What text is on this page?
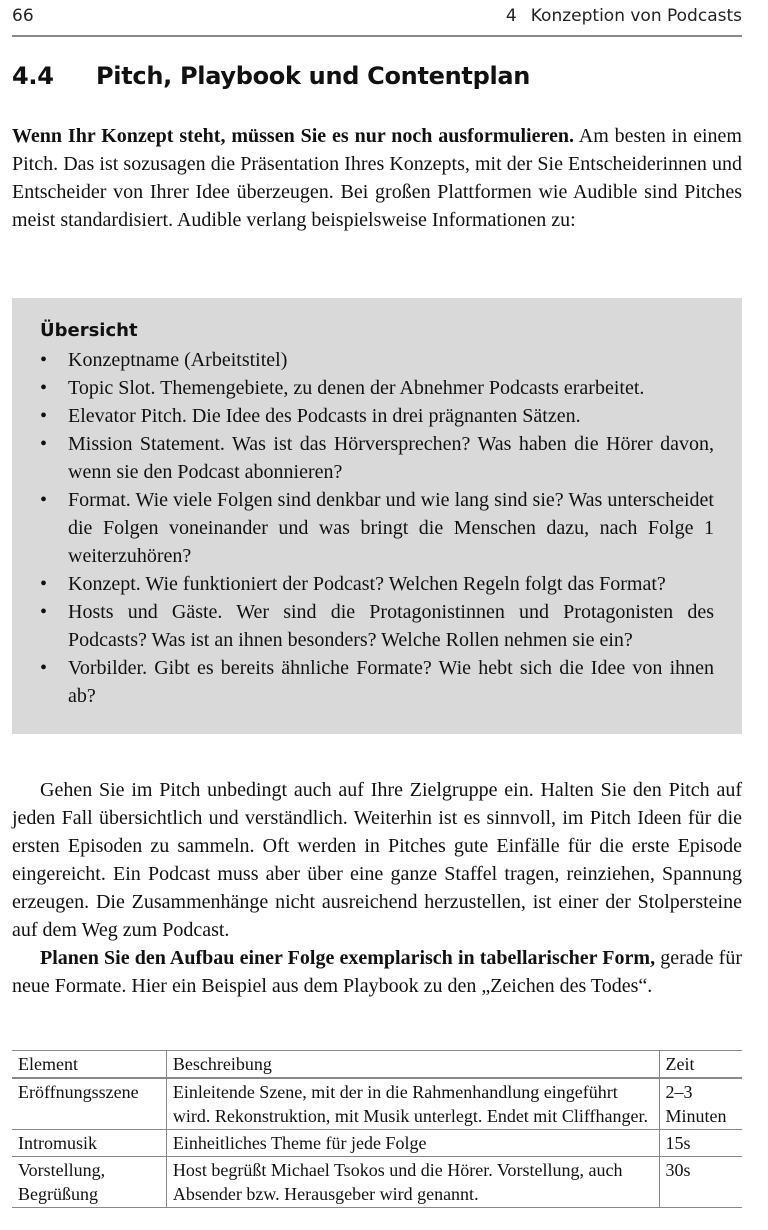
66	4 Konzeption von Podcasts
4.4 Pitch, Playbook und Contentplan

Wenn Ihr Konzept steht, müssen Sie es nur noch ausformulieren. Am besten in einem Pitch. Das ist sozusagen die Präsentation Ihres Konzepts, mit der Sie Entscheiderinnen und Entscheider von Ihrer Idee überzeugen. Bei großen Plattformen wie Audible sind Pitches meist standardisiert. Audible verlang beispielsweise Informationen zu:

Übersicht
• Konzeptname (Arbeitstitel)
• Topic Slot. Themengebiete, zu denen der Abnehmer Podcasts erarbeitet.
• Elevator Pitch. Die Idee des Podcasts in drei prägnanten Sätzen.
• Mission Statement. Was ist das Hörversprechen? Was haben die Hörer davon, wenn sie den Podcast abonnieren?
• Format. Wie viele Folgen sind denkbar und wie lang sind sie? Was unterscheidet die Folgen voneinander und was bringt die Menschen dazu, nach Folge 1 weiterzuhören?
• Konzept. Wie funktioniert der Podcast? Welchen Regeln folgt das Format?
• Hosts und Gäste. Wer sind die Protagonistinnen und Protagonisten des Podcasts? Was ist an ihnen besonders? Welche Rollen nehmen sie ein?
• Vorbilder. Gibt es bereits ähnliche Formate? Wie hebt sich die Idee von ihnen ab?

Gehen Sie im Pitch unbedingt auch auf Ihre Zielgruppe ein. Halten Sie den Pitch auf jeden Fall übersichtlich und verständlich. Weiterhin ist es sinnvoll, im Pitch Ideen für die ersten Episoden zu sammeln. Oft werden in Pitches gute Einfälle für die erste Episode eingereicht. Ein Podcast muss aber über eine ganze Staffel tragen, reinziehen, Spannung erzeugen. Die Zusammenhänge nicht ausreichend herzustellen, ist einer der Stolpersteine auf dem Weg zum Podcast.

Planen Sie den Aufbau einer Folge exemplarisch in tabellarischer Form, gerade für neue Formate. Hier ein Beispiel aus dem Playbook zu den „Zeichen des Todes“.

Element	Beschreibung	Zeit
Eröffnungsszene	Einleitende Szene, mit der in die Rahmenhandlung eingeführt wird. Rekonstruktion, mit Musik unterlegt. Endet mit Cliffhanger.	2–3 Minuten
Intromusik	Einheitliches Theme für jede Folge	15s
Vorstellung, Begrüßung	Host begrüßt Michael Tsokos und die Hörer. Vorstellung, auch Absender bzw. Herausgeber wird genannt.	30s
